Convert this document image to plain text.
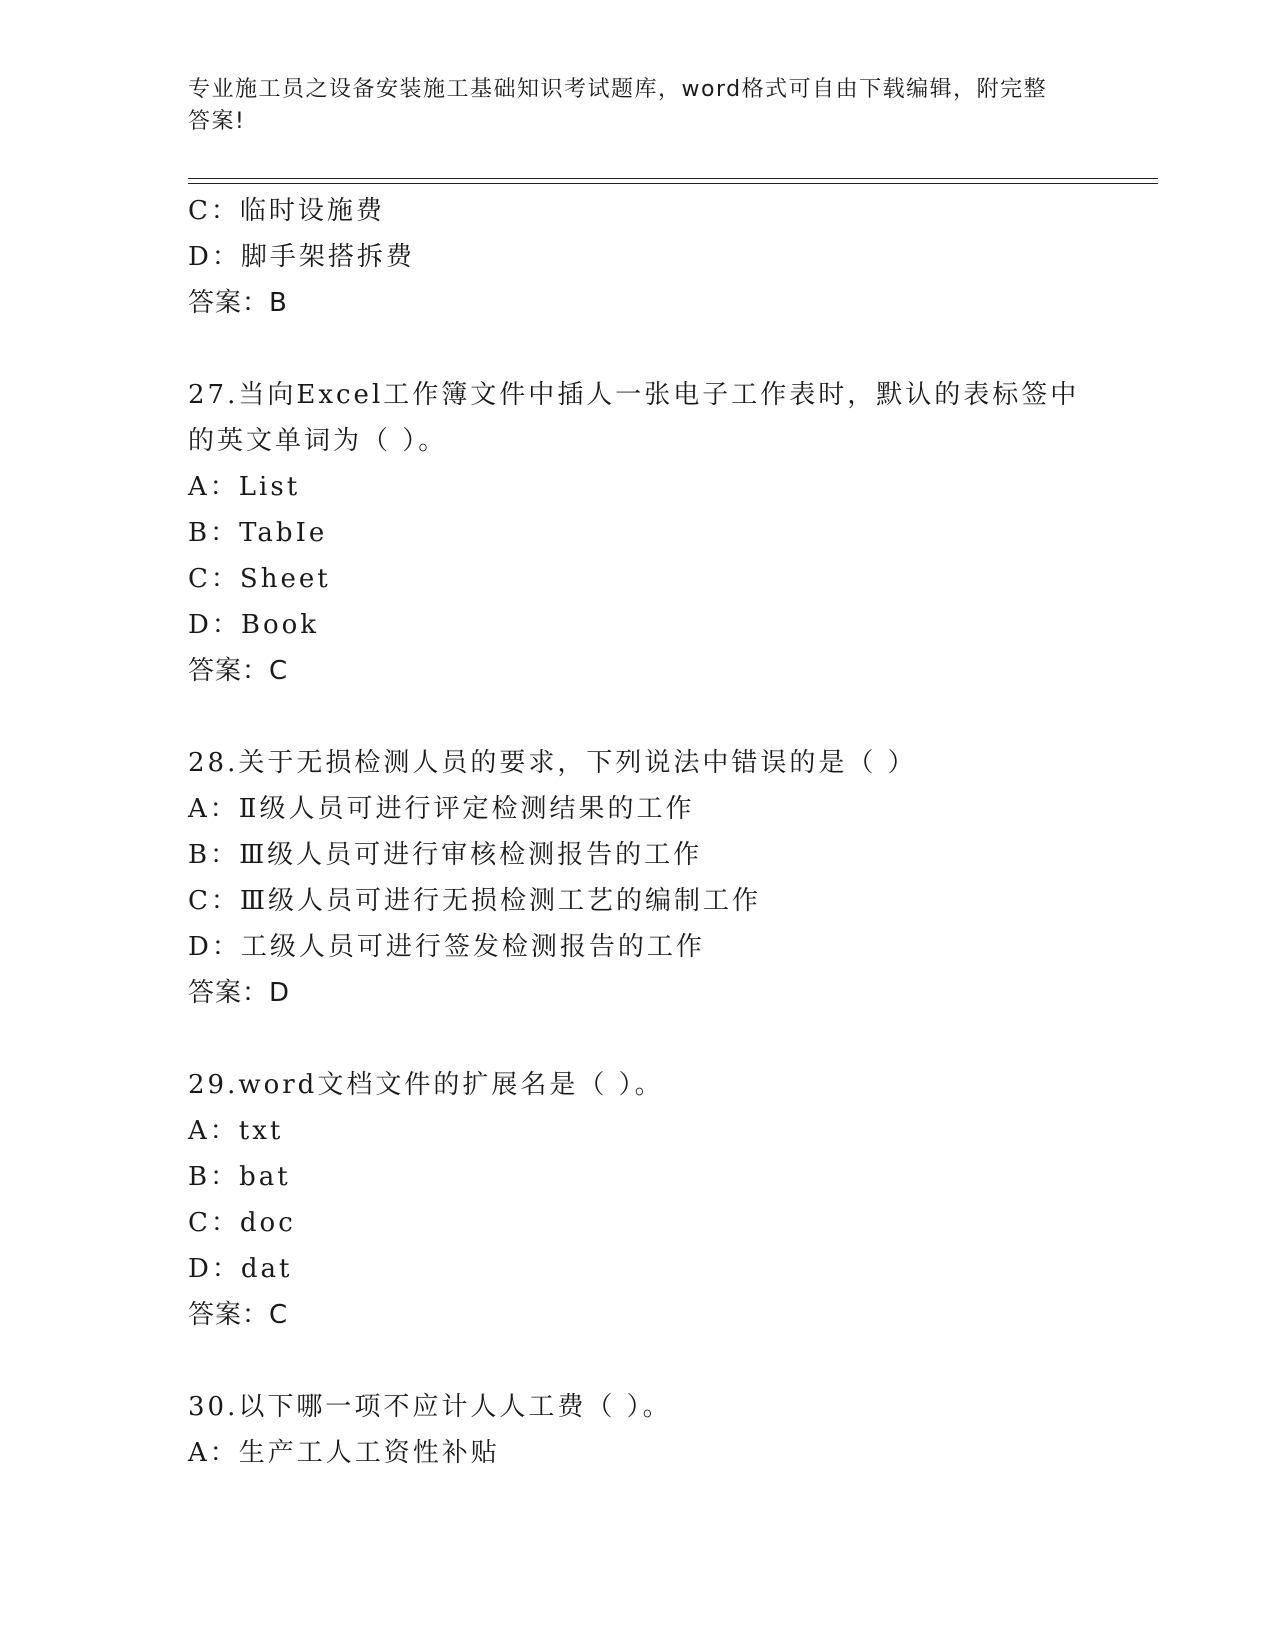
专业施工员之设备安装施工基础知识考试题库，word格式可自由下载编辑，附完整答案!
C：临时设施费
D：脚手架搭拆费
答案：B
27.当向Excel工作簿文件中插人一张电子工作表时，默认的表标签中的英文单词为（ ）。
A：List
B：TabIe
C：Sheet
D：Book
答案：C
28.关于无损检测人员的要求，下列说法中错误的是（ ）
A：Ⅱ级人员可进行评定检测结果的工作
B：Ⅲ级人员可进行审核检测报告的工作
C：Ⅲ级人员可进行无损检测工艺的编制工作
D：工级人员可进行签发检测报告的工作
答案：D
29.word文档文件的扩展名是（ ）。
A：txt
B：bat
C：doc
D：dat
答案：C
30.以下哪一项不应计人人工费（ ）。
A：生产工人工资性补贴
